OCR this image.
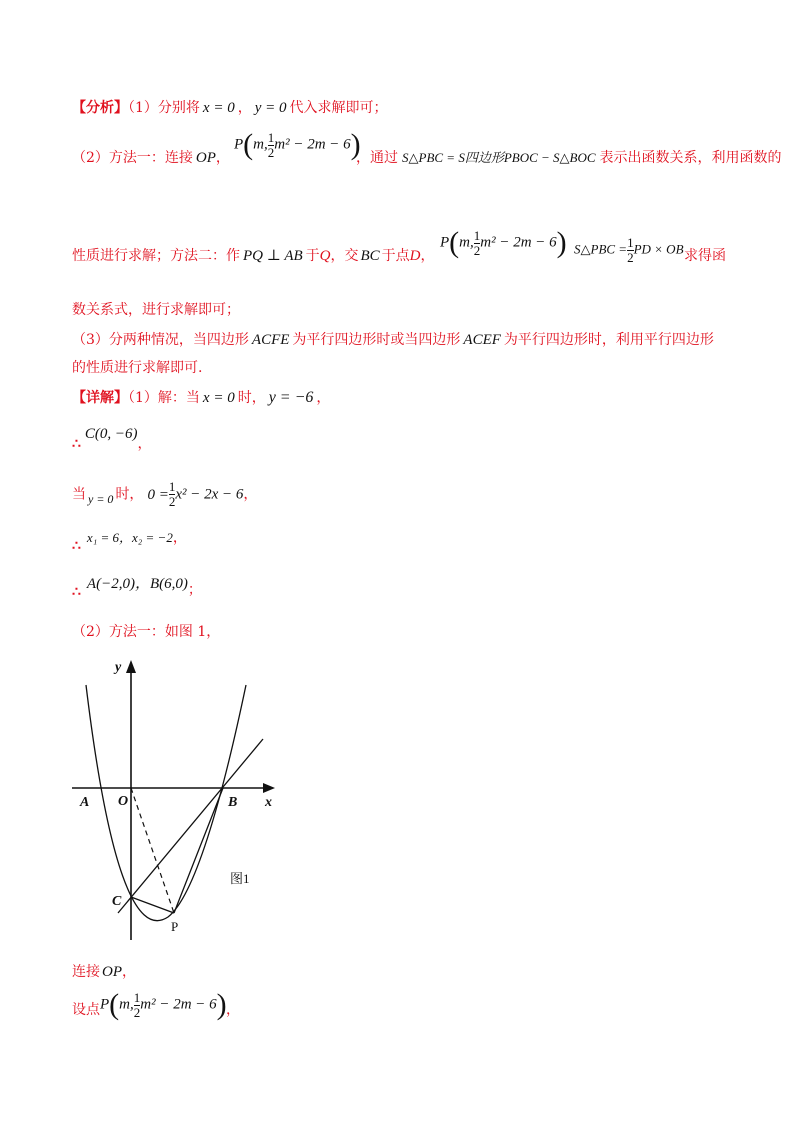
【分析】（1）分别将 x = 0 ， y = 0 代入求解即可；
（2）方法一：连接 OP，
P(m, $\frac{1}{2} m^2 - 2m - 6$)
，通过 S△PBC = S四边形PBOC − S△BOC 表示出函数关系，利用函数的
性质进行求解；方法二：作 PQ ⊥ AB 于Q，交 BC 于点D，
P(m, $\frac{1}{2} m^2 - 2m - 6$) S△PBC = $\frac{1}{2}$ PD × OB 求得函
数关系式，进行求解即可；
（3）分两种情况，当四边形 ACFE 为平行四边形时或当四边形 ACEF 为平行四边形时，利用平行四边形
的性质进行求解即可.
【详解】（1）解：当 x = 0 时， y = −6 ，
∴C(0, −6)，
当 y = 0 时， $0 = \frac{1}{2} x^2 - 2x - 6$，
∴x₁ = 6，x₂ = −2，
∴ A(−2,0)，B(6,0)；
（2）方法一：如图 1，
y
x
A O	B
C
P
图1
连接 OP，
设点 P(m, $\frac{1}{2} m^2 - 2m - 6$) ，
